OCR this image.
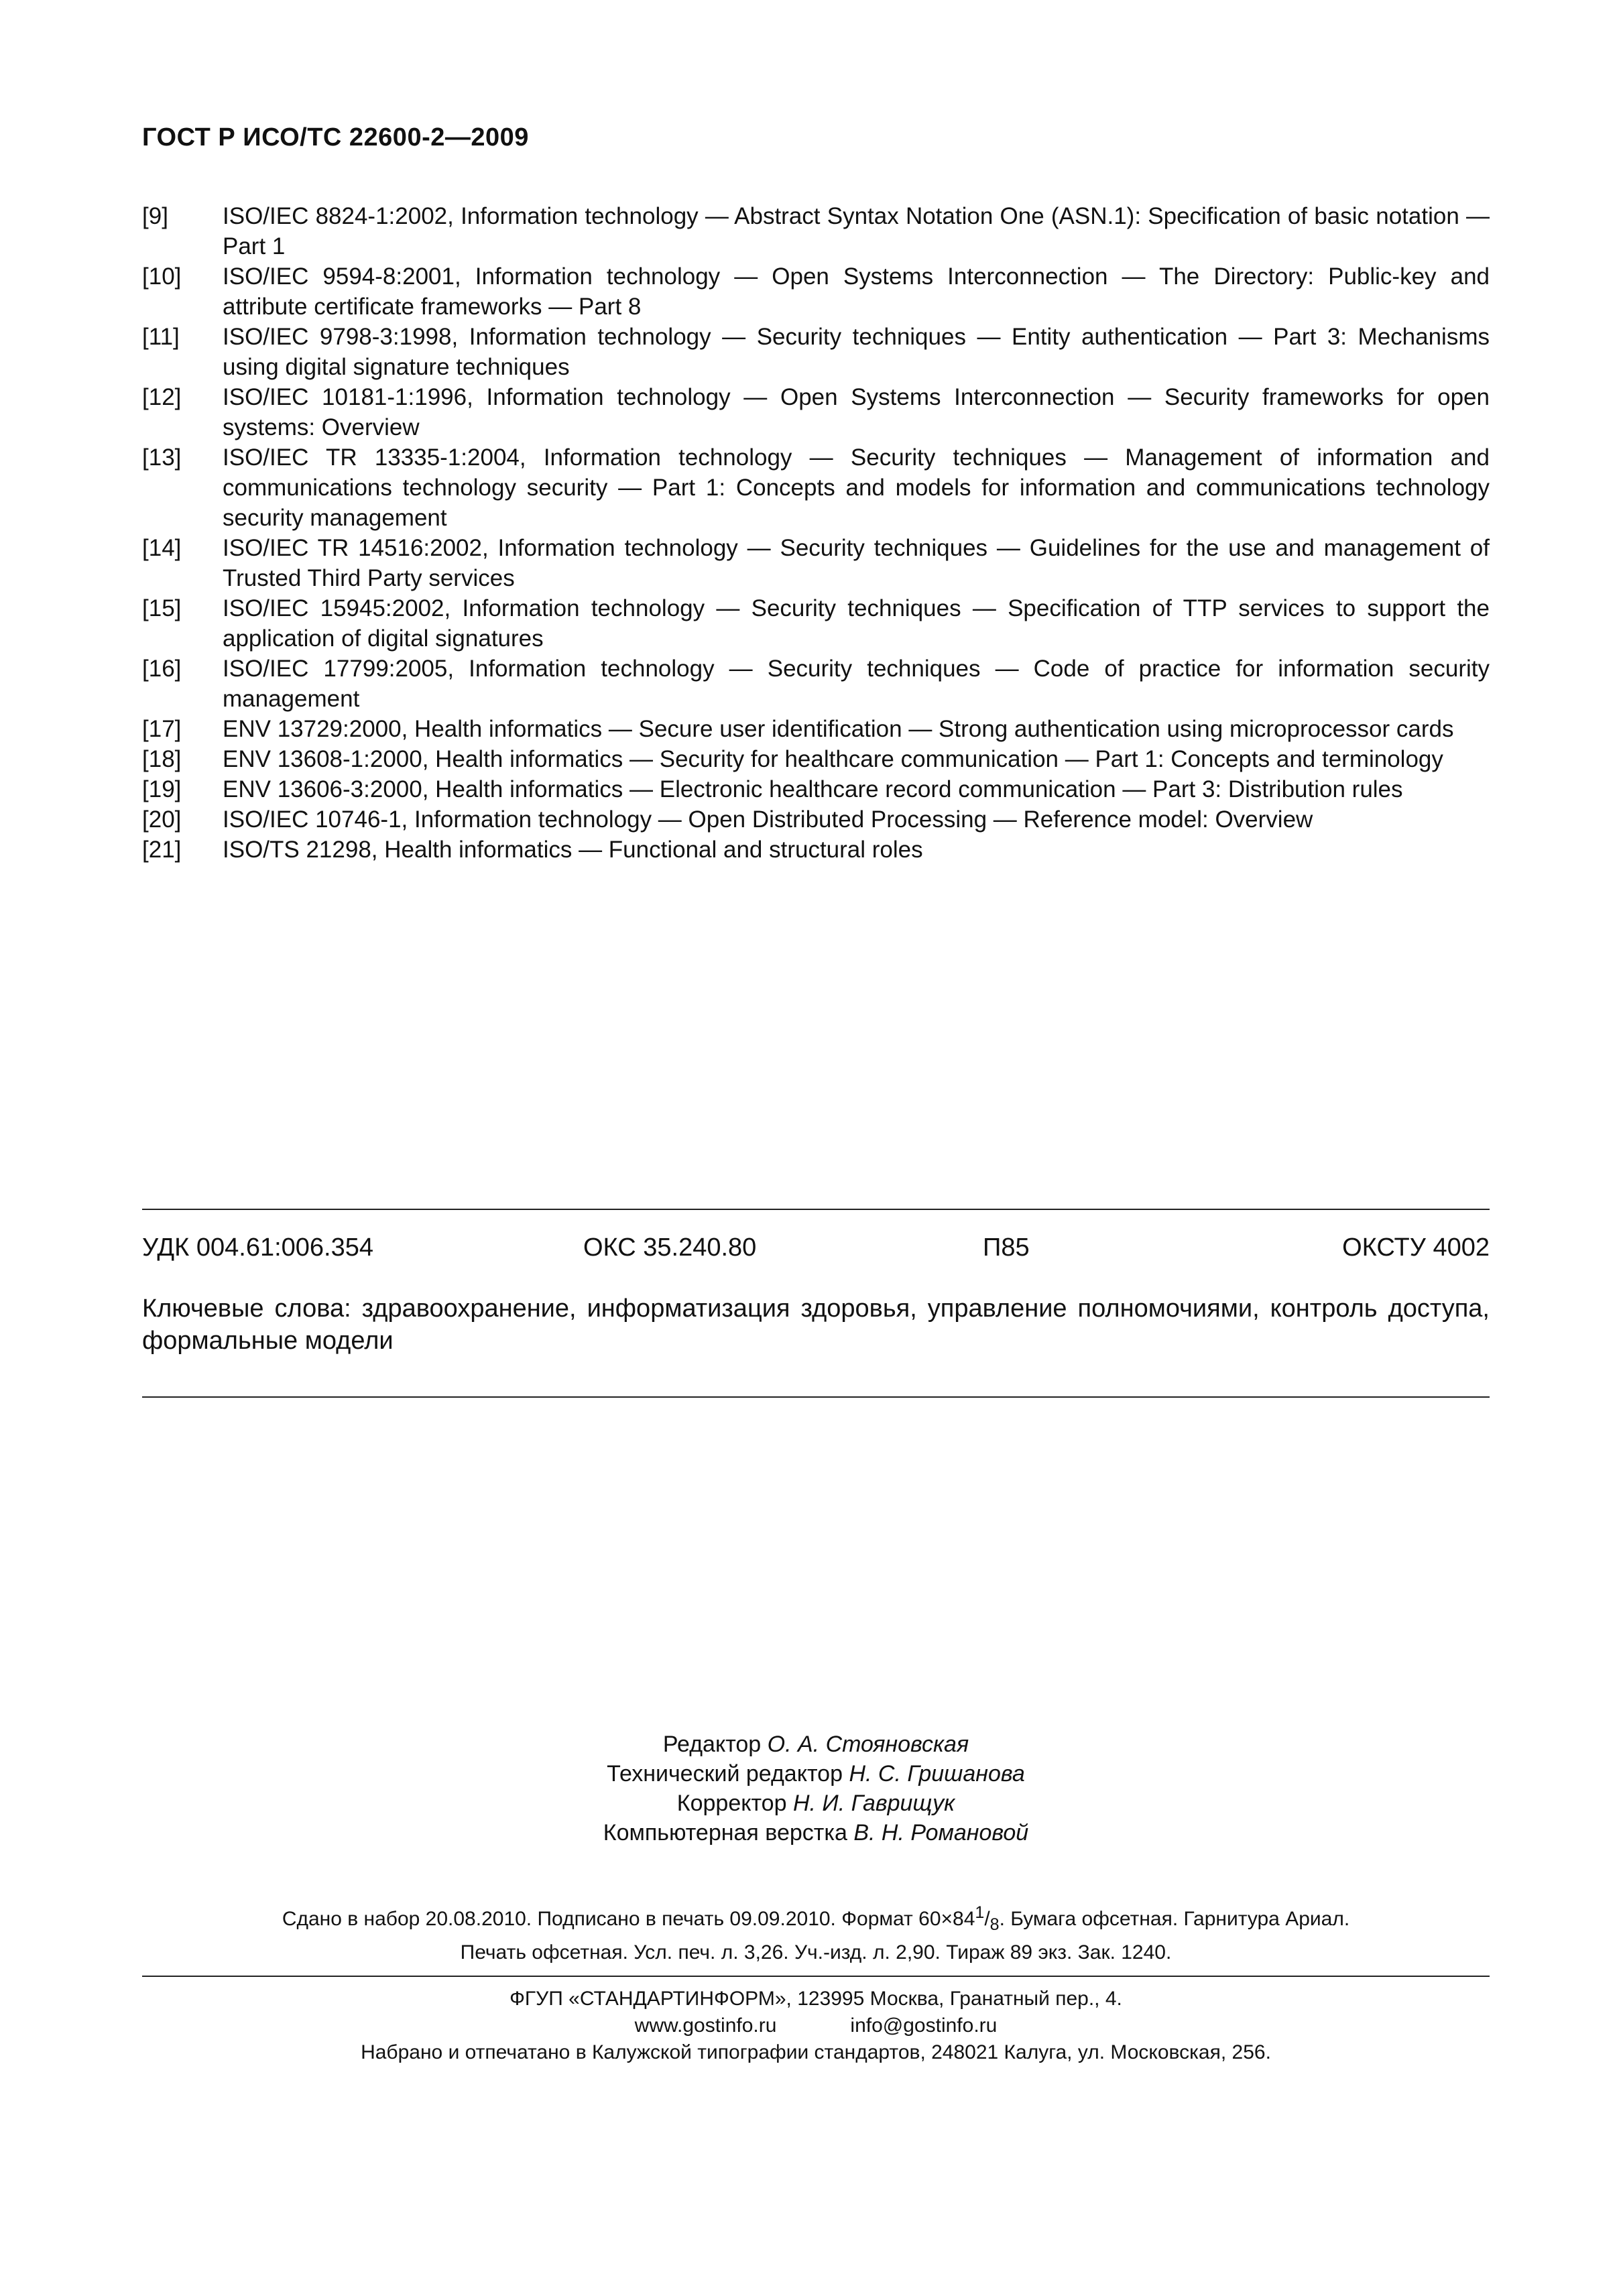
ГОСТ Р ИСО/ТС 22600-2—2009
[9] ISO/IEC 8824-1:2002, Information technology — Abstract Syntax Notation One (ASN.1): Specification of basic notation — Part 1
[10] ISO/IEC 9594-8:2001, Information technology — Open Systems Interconnection — The Directory: Public-key and attribute certificate frameworks — Part 8
[11] ISO/IEC 9798-3:1998, Information technology — Security techniques — Entity authentication — Part 3: Mechanisms using digital signature techniques
[12] ISO/IEC 10181-1:1996, Information technology — Open Systems Interconnection — Security frameworks for open systems: Overview
[13] ISO/IEC TR 13335-1:2004, Information technology — Security techniques — Management of information and communications technology security — Part 1: Concepts and models for information and communications technology security management
[14] ISO/IEC TR 14516:2002, Information technology — Security techniques — Guidelines for the use and management of Trusted Third Party services
[15] ISO/IEC 15945:2002, Information technology — Security techniques — Specification of TTP services to support the application of digital signatures
[16] ISO/IEC 17799:2005, Information technology — Security techniques — Code of practice for information security management
[17] ENV 13729:2000, Health informatics — Secure user identification — Strong authentication using microprocessor cards
[18] ENV 13608-1:2000, Health informatics — Security for healthcare communication — Part 1: Concepts and terminology
[19] ENV 13606-3:2000, Health informatics — Electronic healthcare record communication — Part 3: Distribution rules
[20] ISO/IEC 10746-1, Information technology — Open Distributed Processing — Reference model: Overview
[21] ISO/TS 21298, Health informatics — Functional and structural roles
УДК 004.61:006.354	ОКС 35.240.80	П85	ОКСТУ 4002
Ключевые слова: здравоохранение, информатизация здоровья, управление полномочиями, контроль доступа, формальные модели
Редактор О. А. Стояновская
Технический редактор Н. С. Гришанова
Корректор Н. И. Гаврищук
Компьютерная верстка В. Н. Романовой
Сдано в набор 20.08.2010. Подписано в печать 09.09.2010. Формат $60\times 84^1/_8$. Бумага офсетная. Гарнитура Ариал.
Печать офсетная. Усл. печ. л. 3,26. Уч.-изд. л. 2,90. Тираж 89 экз. Зак. 1240.
ФГУП «СТАНДАРТИНФОРМ», 123995 Москва, Гранатный пер., 4.
www.gostinfo.ru	info@gostinfo.ru
Набрано и отпечатано в Калужской типографии стандартов, 248021 Калуга, ул. Московская, 256.
